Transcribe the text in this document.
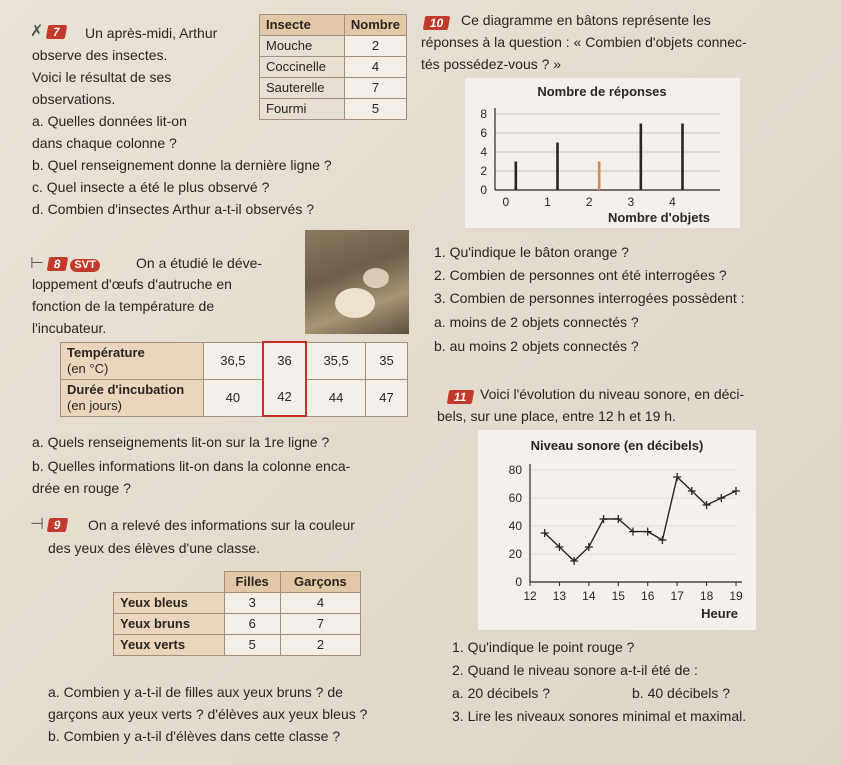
✗ 7	Un après-midi, Arthur
observe des insectes.
Voici le résultat de ses
observations.
Insecte	Nombre
Mouche	2
Coccinelle	4
Sauterelle	7
Fourmi	5
a. Quelles données lit-on
dans chaque colonne ?
b. Quel renseignement donne la dernière ligne ?
c. Quel insecte a été le plus observé ?
d. Combien d'insectes Arthur a-t-il observés ?
10	Ce diagramme en bâtons représente les
réponses à la question : « Combien d'objets connec-
tés possédez-vous ? »
Nombre de réponses
0
2
4
6
8
0	1	2	3	4
Nombre d'objets
1. Qu'indique le bâton orange ?
2. Combien de personnes ont été interrogées ?
3. Combien de personnes interrogées possèdent :
a. moins de 2 objets connectés ?
b. au moins 2 objets connectés ?
⊢ 8 SVT	On a étudié le déve-
loppement d'œufs d'autruche en
fonction de la température de
l'incubateur.
Température
(en °C)	36,5	36	35,5	35

Durée d'incubation
(en jours)	40	42	44	47
a. Quels renseignements lit-on sur la 1re ligne ?
b. Quelles informations lit-on dans la colonne enca-
drée en rouge ?
11 Voici l'évolution du niveau sonore, en déci-
bels, sur une place, entre 12 h et 19 h.
Niveau sonore (en décibels)
0
20
40
60
80
12 13 14 15 16 17 18 19
Heure
⊣ 9	On a relevé des informations sur la couleur
des yeux des élèves d'une classe.
	Filles	Garçons
Yeux bleus	3	4
Yeux bruns	6	7
Yeux verts	5	2
a. Combien y a-t-il de filles aux yeux bruns ? de
garçons aux yeux verts ? d'élèves aux yeux bleus ?
b. Combien y a-t-il d'élèves dans cette classe ?
1. Qu'indique le point rouge ?
2. Quand le niveau sonore a-t-il été de :
a. 20 décibels ?	b. 40 décibels ?
3. Lire les niveaux sonores minimal et maximal.
